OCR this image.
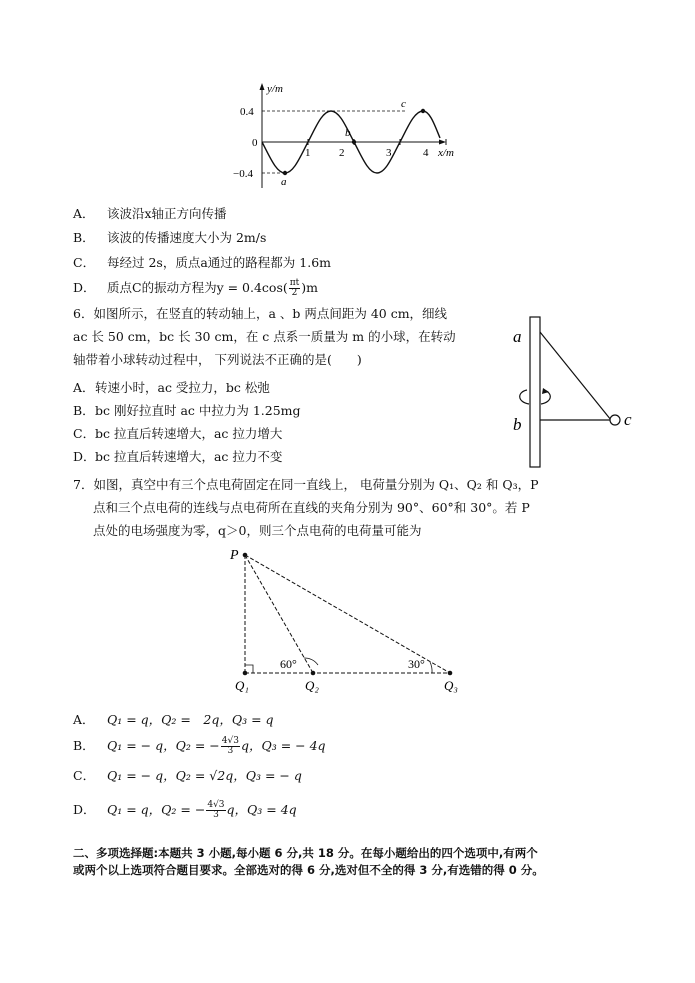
y/m
x/m
0.4
0
−0.4
1	2	3	4
a
b
c
A． 该波沿x轴正方向传播
B． 该波的传播速度大小为 2m/s
C． 每经过 2s，质点a通过的路程都为 1.6m
D． 质点C的振动方程为$y = 0.4\cos( \frac{\pi t}{2} )m$
6．如图所示，在竖直的转动轴上，a 、b 两点间距为 40 cm，细线
ac 长 50 cm，bc 长 30 cm，在 c 点系一质量为 m 的小球，在转动
轴带着小球转动过程中， 下列说法不正确的是(　　)
A．转速小时，ac 受拉力，bc 松弛
B．bc 刚好拉直时 ac 中拉力为 1.25mg
C．bc 拉直后转速增大，ac 拉力增大
D．bc 拉直后转速增大，ac 拉力不变
a
b	c
7．如图，真空中有三个点电荷固定在同一直线上， 电荷量分别为 Q₁、Q₂ 和 Q₃，P
点和三个点电荷的连线与点电荷所在直线的夹角分别为 90°、60°和 30°。若 P
点处的电场强度为零，q＞0，则三个点电荷的电荷量可能为
P
Q₁	Q₂	Q₃
60°	30°
A． Q₁ = q，Q₂ =　2q，Q₃ = q
B． Q₁ = − q，Q₂ = − $\frac{4√3}{3}$ q，Q₃ = − 4q
C． Q₁ = − q，Q₂ = √2q，Q₃ = − q
D． Q₁ = q，Q₂ = − $\frac{4√3}{3}$ q，Q₃ = 4q
二、多项选择题:本题共 3 小题,每小题 6 分,共 18 分。在每小题给出的四个选项中,有两个
或两个以上选项符合题目要求。全部选对的得 6 分,选对但不全的得 3 分,有选错的得 0 分。
